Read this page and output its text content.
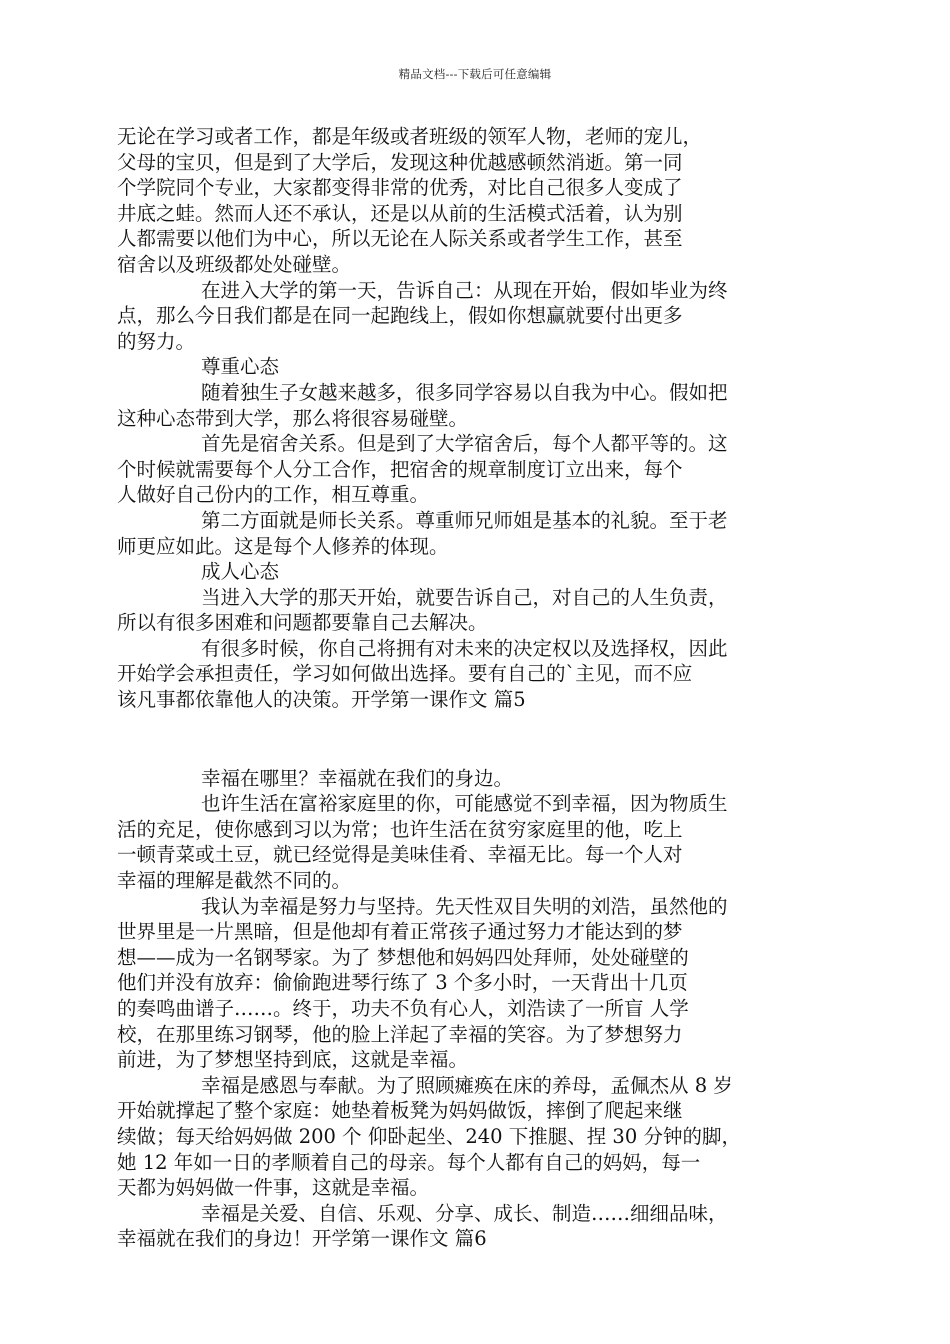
精品文档---下载后可任意编辑

无论在学习或者工作，都是年级或者班级的领军人物，老师的宠儿，

父母的宝贝，但是到了大学后，发现这种优越感顿然消逝。第一同

个学院同个专业，大家都变得非常的优秀，对比自己很多人变成了

井底之蛙。然而人还不承认，还是以从前的生活模式活着，认为别

人都需要以他们为中心，所以无论在人际关系或者学生工作，甚至

宿舍以及班级都处处碰壁。

在进入大学的第一天，告诉自己：从现在开始，假如毕业为终

点，那么今日我们都是在同一起跑线上，假如你想赢就要付出更多

的努力。

尊重心态

随着独生子女越来越多，很多同学容易以自我为中心。假如把

这种心态带到大学，那么将很容易碰壁。

首先是宿舍关系。但是到了大学宿舍后，每个人都平等的。这

个时候就需要每个人分工合作，把宿舍的规章制度订立出来，每个

人做好自己份内的工作，相互尊重。

第二方面就是师长关系。尊重师兄师姐是基本的礼貌。至于老

师更应如此。这是每个人修养的体现。

成人心态

当进入大学的那天开始，就要告诉自己，对自己的人生负责，

所以有很多困难和问题都要靠自己去解决。

有很多时候，你自己将拥有对未来的决定权以及选择权，因此

开始学会承担责任，学习如何做出选择。要有自己的`主见，而不应

该凡事都依靠他人的决策。开学第一课作文 篇5

幸福在哪里？幸福就在我们的身边。

也许生活在富裕家庭里的你，可能感觉不到幸福，因为物质生

活的充足，使你感到习以为常；也许生活在贫穷家庭里的他，吃上

一顿青菜或土豆，就已经觉得是美味佳肴、幸福无比。每一个人对

幸福的理解是截然不同的。

我认为幸福是努力与坚持。先天性双目失明的刘浩，虽然他的

世界里是一片黑暗，但是他却有着正常孩子通过努力才能达到的梦

想——成为一名钢琴家。为了 梦想他和妈妈四处拜师，处处碰壁的

他们并没有放弃：偷偷跑进琴行练了 3 个多小时，一天背出十几页

的奏鸣曲谱子……。终于，功夫不负有心人，刘浩读了一所盲 人学

校，在那里练习钢琴，他的脸上洋起了幸福的笑容。为了梦想努力

前进，为了梦想坚持到底，这就是幸福。

幸福是感恩与奉献。为了照顾瘫痪在床的养母，孟佩杰从 8 岁

开始就撑起了整个家庭：她垫着板凳为妈妈做饭，摔倒了爬起来继

续做；每天给妈妈做 200 个 仰卧起坐、240 下推腿、捏 30 分钟的脚，

她 12 年如一日的孝顺着自己的母亲。每个人都有自己的妈妈，每一

天都为妈妈做一件事，这就是幸福。

幸福是关爱、自信、乐观、分享、成长、制造……细细品味，

幸福就在我们的身边！开学第一课作文 篇6
